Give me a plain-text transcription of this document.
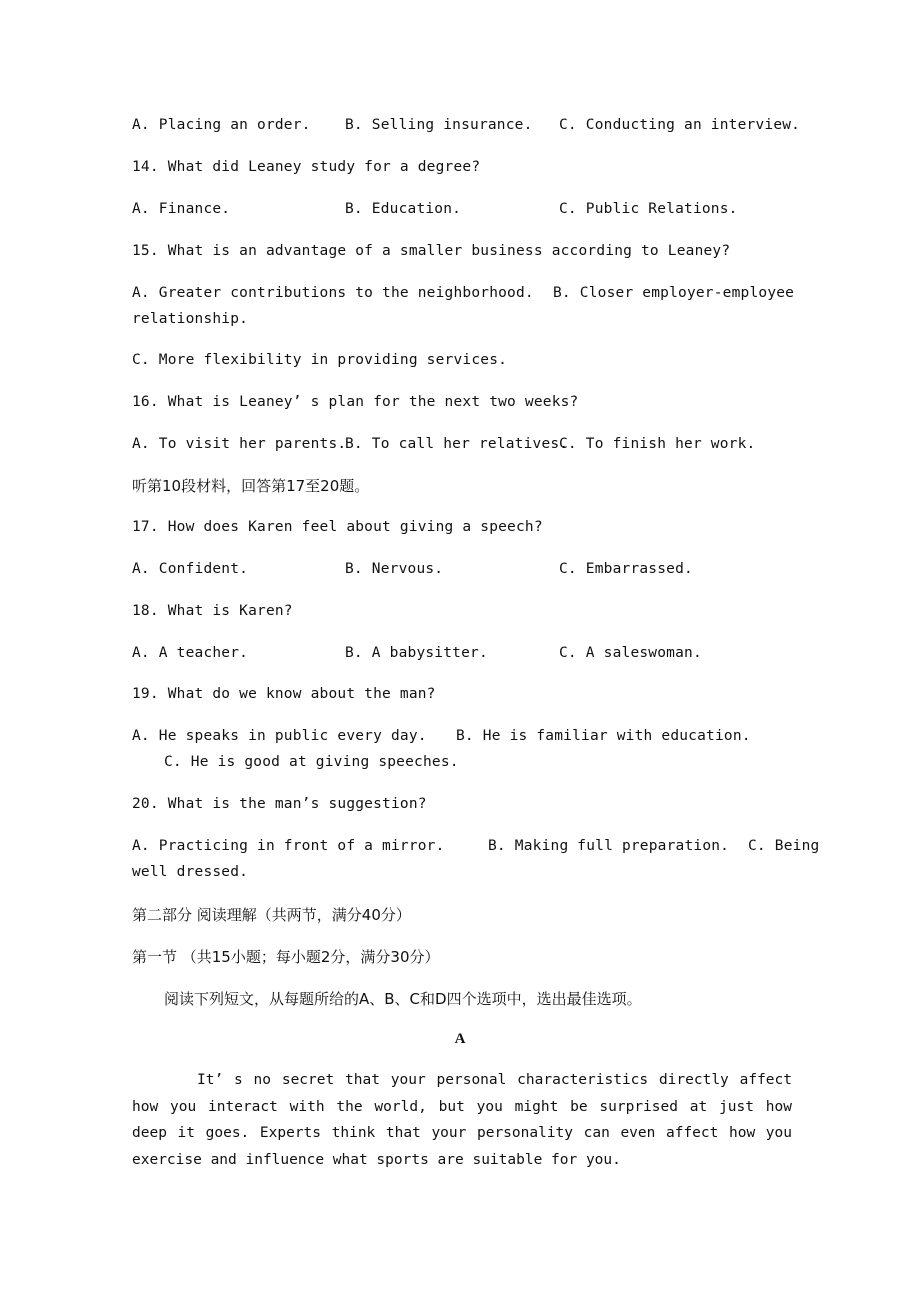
A. Placing an order. B. Selling insurance. C. Conducting an interview.
14. What did Leaney study for a degree?
A. Finance.	B. Education.	C. Public Relations.
15. What is an advantage of a smaller business according to Leaney?
A. Greater contributions to the neighborhood. B. Closer employer-employee
relationship.
C. More flexibility in providing services.
16. What is Leaney’ s plan for the next two weeks?
A. To visit her parents.
B. To call her relatives.
C. To finish her work.
听第10段材料，回答第17至20题。
17. How does Karen feel about giving a speech?
A. Confident.	B. Nervous.	C. Embarrassed.
18. What is Karen?
A. A teacher.	B. A babysitter.	C. A saleswoman.
19. What do we know about the man?
A. He speaks in public every day. B. He is familiar with education.
C. He is good at giving speeches.
20. What is the man’s suggestion?
A. Practicing in front of a mirror.	B. Making full preparation. C. Being
well dressed.
第二部分 阅读理解（共两节，满分40分）
第一节 （共15小题；每小题2分，满分30分）
阅读下列短文，从每题所给的A、B、C和D四个选项中，选出最佳选项。
A
It’ s no secret that your personal characteristics directly affect how you interact with the world, but you might be surprised at just how deep it goes. Experts think that your personality can even affect how you exercise and influence what sports are suitable for you.
